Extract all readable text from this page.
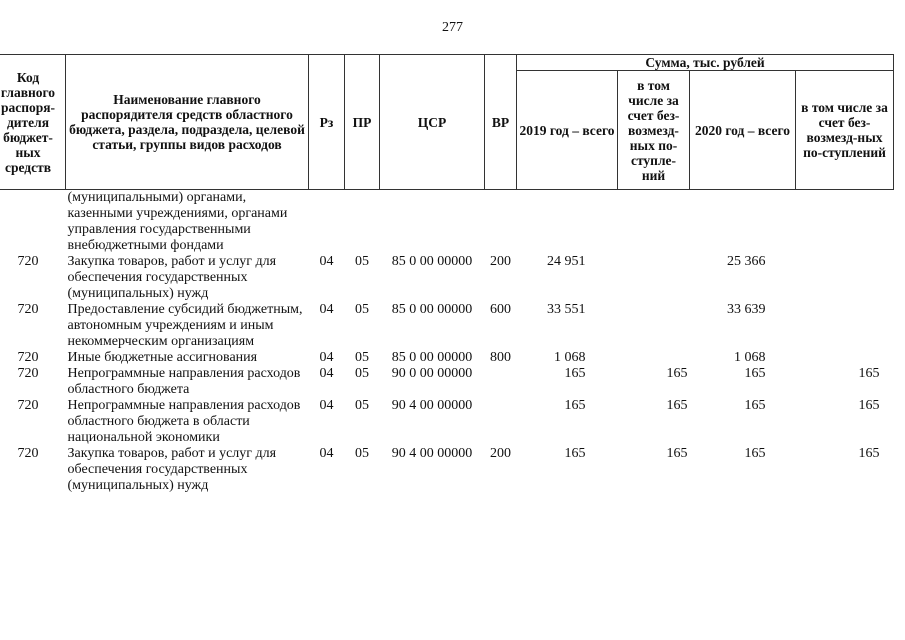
277
Код главного распоря-дителя бюджет-ных средств	Наименование главного распорядителя средств областного бюджета, раздела, подраздела, целевой статьи, группы видов расходов	Рз	ПР	ЦСР	ВР	Сумма, тыс. рублей			
						2019 год – всего	в том числе за счет без-возмезд-ных по-ступле-ний	2020 год – всего	в том числе за счет без-возмезд-ных по-ступлений
	(муниципальными) органами, казенными учреждениями, органами управления государственными внебюджетными фондами								
720	Закупка товаров, работ и услуг для обеспечения государственных (муниципальных) нужд	04	05	85 0 00 00000	200	24 951		25 366	
720	Предоставление субсидий бюджетным, автономным учреждениям и иным некоммерческим организациям	04	05	85 0 00 00000	600	33 551		33 639	
720	Иные бюджетные ассигнования	04	05	85 0 00 00000	800	1 068		1 068	
720	Непрограммные направления расходов областного бюджета	04	05	90 0 00 00000		165	165	165	165
720	Непрограммные направления расходов областного бюджета в области национальной экономики	04	05	90 4 00 00000		165	165	165	165
720	Закупка товаров, работ и услуг для обеспечения государственных (муниципальных) нужд	04	05	90 4 00 00000	200	165	165	165	165
